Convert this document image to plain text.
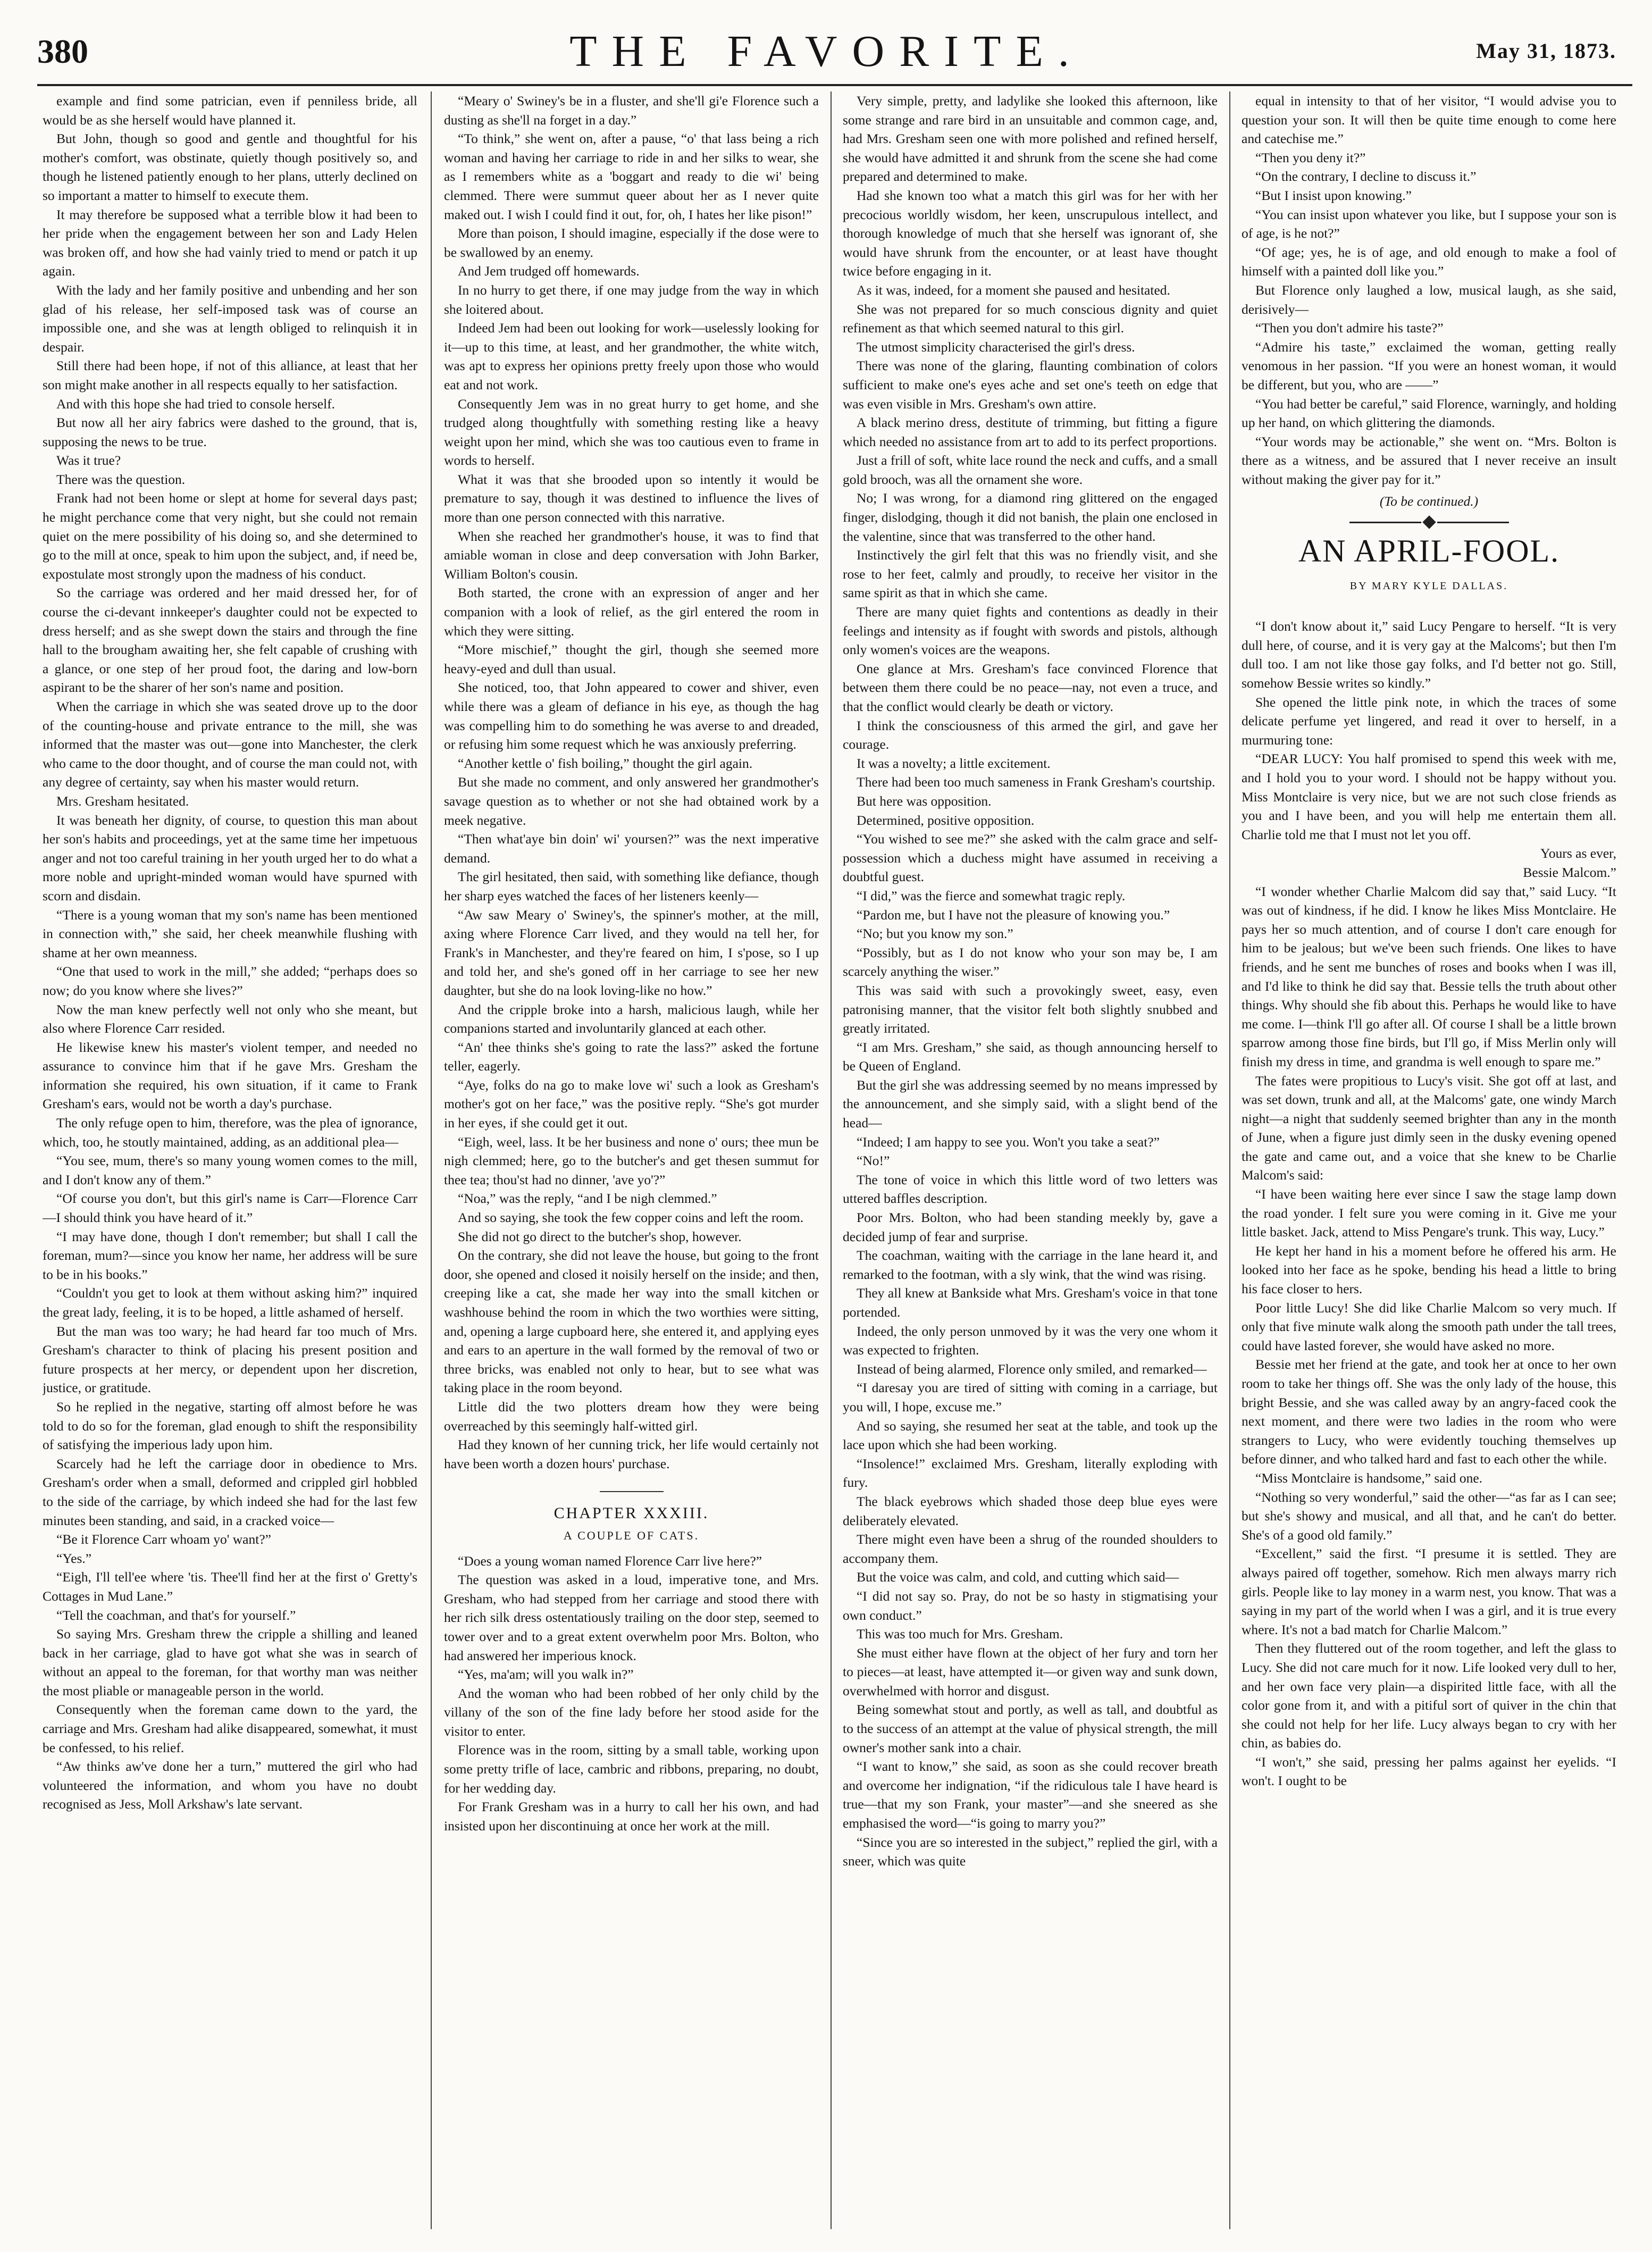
380	THE FAVORITE.	May 31, 1873.

example and find some patrician, even if penniless bride, all would be as she herself would have planned it.

But John, though so good and gentle and thoughtful for his mother's comfort, was obstinate, quietly though positively so, and though he listened patiently enough to her plans, utterly declined on so important a matter to himself to execute them.

It may therefore be supposed what a terrible blow it had been to her pride when the engagement between her son and Lady Helen was broken off, and how she had vainly tried to mend or patch it up again.

With the lady and her family positive and unbending and her son glad of his release, her self-imposed task was of course an impossible one, and she was at length obliged to relinquish it in despair.

Still there had been hope, if not of this alliance, at least that her son might make another in all respects equally to her satisfaction.

And with this hope she had tried to console herself.

But now all her airy fabrics were dashed to the ground, that is, supposing the news to be true.

Was it true?

There was the question.

Frank had not been home or slept at home for several days past; he might perchance come that very night, but she could not remain quiet on the mere possibility of his doing so, and she determined to go to the mill at once, speak to him upon the subject, and, if need be, expostulate most strongly upon the madness of his conduct.

So the carriage was ordered and her maid dressed her, for of course the ci-devant innkeeper's daughter could not be expected to dress herself; and as she swept down the stairs and through the fine hall to the brougham awaiting her, she felt capable of crushing with a glance, or one step of her proud foot, the daring and low-born aspirant to be the sharer of her son's name and position.

When the carriage in which she was seated drove up to the door of the counting-house and private entrance to the mill, she was informed that the master was out—gone into Manchester, the clerk who came to the door thought, and of course the man could not, with any degree of certainty, say when his master would return.

Mrs. Gresham hesitated.

It was beneath her dignity, of course, to question this man about her son's habits and proceedings, yet at the same time her impetuous anger and not too careful training in her youth urged her to do what a more noble and upright-minded woman would have spurned with scorn and disdain.

“There is a young woman that my son's name has been mentioned in connection with,” she said, her cheek meanwhile flushing with shame at her own meanness.

“One that used to work in the mill,” she added; “perhaps does so now; do you know where she lives?”

Now the man knew perfectly well not only who she meant, but also where Florence Carr resided.

He likewise knew his master's violent temper, and needed no assurance to convince him that if he gave Mrs. Gresham the information she required, his own situation, if it came to Frank Gresham's ears, would not be worth a day's purchase.

The only refuge open to him, therefore, was the plea of ignorance, which, too, he stoutly maintained, adding, as an additional plea—

“You see, mum, there's so many young women comes to the mill, and I don't know any of them.”

“Of course you don't, but this girl's name is Carr—Florence Carr—I should think you have heard of it.”

“I may have done, though I don't remember; but shall I call the foreman, mum?—since you know her name, her address will be sure to be in his books.”

“Couldn't you get to look at them without asking him?” inquired the great lady, feeling, it is to be hoped, a little ashamed of herself.

But the man was too wary; he had heard far too much of Mrs. Gresham's character to think of placing his present position and future prospects at her mercy, or dependent upon her discretion, justice, or gratitude.

So he replied in the negative, starting off almost before he was told to do so for the foreman, glad enough to shift the responsibility of satisfying the imperious lady upon him.

Scarcely had he left the carriage door in obedience to Mrs. Gresham's order when a small, deformed and crippled girl hobbled to the side of the carriage, by which indeed she had for the last few minutes been standing, and said, in a cracked voice—

“Be it Florence Carr whoam yo' want?”

“Yes.”

“Eigh, I'll tell'ee where 'tis. Thee'll find her at the first o' Gretty's Cottages in Mud Lane.”

“Tell the coachman, and that's for yourself.”

So saying Mrs. Gresham threw the cripple a shilling and leaned back in her carriage, glad to have got what she was in search of without an appeal to the foreman, for that worthy man was neither the most pliable or manageable person in the world.

Consequently when the foreman came down to the yard, the carriage and Mrs. Gresham had alike disappeared, somewhat, it must be confessed, to his relief.

“Aw thinks aw've done her a turn,” muttered the girl who had volunteered the information, and whom you have no doubt recognised as Jess, Moll Arkshaw's late servant.

“Meary o' Swiney's be in a fluster, and she'll gi'e Florence such a dusting as she'll na forget in a day.”

“To think,” she went on, after a pause, “o' that lass being a rich woman and having her carriage to ride in and her silks to wear, she as I remembers white as a 'boggart and ready to die wi' being clemmed. There were summut queer about her as I never quite maked out. I wish I could find it out, for, oh, I hates her like pison!”

More than poison, I should imagine, especially if the dose were to be swallowed by an enemy.

And Jem trudged off homewards.

In no hurry to get there, if one may judge from the way in which she loitered about.

Indeed Jem had been out looking for work—uselessly looking for it—up to this time, at least, and her grandmother, the white witch, was apt to express her opinions pretty freely upon those who would eat and not work.

Consequently Jem was in no great hurry to get home, and she trudged along thoughtfully with something resting like a heavy weight upon her mind, which she was too cautious even to frame in words to herself.

What it was that she brooded upon so intently it would be premature to say, though it was destined to influence the lives of more than one person connected with this narrative.

When she reached her grandmother's house, it was to find that amiable woman in close and deep conversation with John Barker, William Bolton's cousin.

Both started, the crone with an expression of anger and her companion with a look of relief, as the girl entered the room in which they were sitting.

“More mischief,” thought the girl, though she seemed more heavy-eyed and dull than usual.

She noticed, too, that John appeared to cower and shiver, even while there was a gleam of defiance in his eye, as though the hag was compelling him to do something he was averse to and dreaded, or refusing him some request which he was anxiously preferring.

“Another kettle o' fish boiling,” thought the girl again.

But she made no comment, and only answered her grandmother's savage question as to whether or not she had obtained work by a meek negative.

“Then what'aye bin doin' wi' yoursen?” was the next imperative demand.

The girl hesitated, then said, with something like defiance, though her sharp eyes watched the faces of her listeners keenly—

“Aw saw Meary o' Swiney's, the spinner's mother, at the mill, axing where Florence Carr lived, and they would na tell her, for Frank's in Manchester, and they're feared on him, I s'pose, so I up and told her, and she's goned off in her carriage to see her new daughter, but she do na look loving-like no how.”

And the cripple broke into a harsh, malicious laugh, while her companions started and involuntarily glanced at each other.

“An' thee thinks she's going to rate the lass?” asked the fortune teller, eagerly.

“Aye, folks do na go to make love wi' such a look as Gresham's mother's got on her face,” was the positive reply. “She's got murder in her eyes, if she could get it out.

“Eigh, weel, lass. It be her business and none o' ours; thee mun be nigh clemmed; here, go to the butcher's and get thesen summut for thee tea; thou'st had no dinner, 'ave yo'?”

“Noa,” was the reply, “and I be nigh clemmed.”

And so saying, she took the few copper coins and left the room.

She did not go direct to the butcher's shop, however.

On the contrary, she did not leave the house, but going to the front door, she opened and closed it noisily herself on the inside; and then, creeping like a cat, she made her way into the small kitchen or washhouse behind the room in which the two worthies were sitting, and, opening a large cupboard here, she entered it, and applying eyes and ears to an aperture in the wall formed by the removal of two or three bricks, was enabled not only to hear, but to see what was taking place in the room beyond.

Little did the two plotters dream how they were being overreached by this seemingly half-witted girl.

Had they known of her cunning trick, her life would certainly not have been worth a dozen hours' purchase.

CHAPTER XXXIII.
A COUPLE OF CATS.

“Does a young woman named Florence Carr live here?”

The question was asked in a loud, imperative tone, and Mrs. Gresham, who had stepped from her carriage and stood there with her rich silk dress ostentatiously trailing on the door step, seemed to tower over and to a great extent overwhelm poor Mrs. Bolton, who had answered her imperious knock.

“Yes, ma'am; will you walk in?”

And the woman who had been robbed of her only child by the villany of the son of the fine lady before her stood aside for the visitor to enter.

Florence was in the room, sitting by a small table, working upon some pretty trifle of lace, cambric and ribbons, preparing, no doubt, for her wedding day.

For Frank Gresham was in a hurry to call her his own, and had insisted upon her discontinuing at once her work at the mill.

Very simple, pretty, and ladylike she looked this afternoon, like some strange and rare bird in an unsuitable and common cage, and, had Mrs. Gresham seen one with more polished and refined herself, she would have admitted it and shrunk from the scene she had come prepared and determined to make.

Had she known too what a match this girl was for her with her precocious worldly wisdom, her keen, unscrupulous intellect, and thorough knowledge of much that she herself was ignorant of, she would have shrunk from the encounter, or at least have thought twice before engaging in it.

As it was, indeed, for a moment she paused and hesitated.

She was not prepared for so much conscious dignity and quiet refinement as that which seemed natural to this girl.

The utmost simplicity characterised the girl's dress.

There was none of the glaring, flaunting combination of colors sufficient to make one's eyes ache and set one's teeth on edge that was even visible in Mrs. Gresham's own attire.

A black merino dress, destitute of trimming, but fitting a figure which needed no assistance from art to add to its perfect proportions.

Just a frill of soft, white lace round the neck and cuffs, and a small gold brooch, was all the ornament she wore.

No; I was wrong, for a diamond ring glittered on the engaged finger, dislodging, though it did not banish, the plain one enclosed in the valentine, since that was transferred to the other hand.

Instinctively the girl felt that this was no friendly visit, and she rose to her feet, calmly and proudly, to receive her visitor in the same spirit as that in which she came.

There are many quiet fights and contentions as deadly in their feelings and intensity as if fought with swords and pistols, although only women's voices are the weapons.

One glance at Mrs. Gresham's face convinced Florence that between them there could be no peace—nay, not even a truce, and that the conflict would clearly be death or victory.

I think the consciousness of this armed the girl, and gave her courage.

It was a novelty; a little excitement.

There had been too much sameness in Frank Gresham's courtship.

But here was opposition.

Determined, positive opposition.

“You wished to see me?” she asked with the calm grace and self-possession which a duchess might have assumed in receiving a doubtful guest.

“I did,” was the fierce and somewhat tragic reply.

“Pardon me, but I have not the pleasure of knowing you.”

“No; but you know my son.”

“Possibly, but as I do not know who your son may be, I am scarcely anything the wiser.”

This was said with such a provokingly sweet, easy, even patronising manner, that the visitor felt both slightly snubbed and greatly irritated.

“I am Mrs. Gresham,” she said, as though announcing herself to be Queen of England.

But the girl she was addressing seemed by no means impressed by the announcement, and she simply said, with a slight bend of the head—

“Indeed; I am happy to see you. Won't you take a seat?”

“No!”

The tone of voice in which this little word of two letters was uttered baffles description.

Poor Mrs. Bolton, who had been standing meekly by, gave a decided jump of fear and surprise.

The coachman, waiting with the carriage in the lane heard it, and remarked to the footman, with a sly wink, that the wind was rising.

They all knew at Bankside what Mrs. Gresham's voice in that tone portended.

Indeed, the only person unmoved by it was the very one whom it was expected to frighten.

Instead of being alarmed, Florence only smiled, and remarked—

“I daresay you are tired of sitting with coming in a carriage, but you will, I hope, excuse me.”

And so saying, she resumed her seat at the table, and took up the lace upon which she had been working.

“Insolence!” exclaimed Mrs. Gresham, literally exploding with fury.

The black eyebrows which shaded those deep blue eyes were deliberately elevated.

There might even have been a shrug of the rounded shoulders to accompany them.

But the voice was calm, and cold, and cutting which said—

“I did not say so. Pray, do not be so hasty in stigmatising your own conduct.”

This was too much for Mrs. Gresham.

She must either have flown at the object of her fury and torn her to pieces—at least, have attempted it—or given way and sunk down, overwhelmed with horror and disgust.

Being somewhat stout and portly, as well as tall, and doubtful as to the success of an attempt at the value of physical strength, the mill owner's mother sank into a chair.

“I want to know,” she said, as soon as she could recover breath and overcome her indignation, “if the ridiculous tale I have heard is true—that my son Frank, your master”—and she sneered as she emphasised the word—“is going to marry you?”

“Since you are so interested in the subject,” replied the girl, with a sneer, which was quite

equal in intensity to that of her visitor, “I would advise you to question your son. It will then be quite time enough to come here and catechise me.”

“Then you deny it?”

“On the contrary, I decline to discuss it.”

“But I insist upon knowing.”

“You can insist upon whatever you like, but I suppose your son is of age, is he not?”

“Of age; yes, he is of age, and old enough to make a fool of himself with a painted doll like you.”

But Florence only laughed a low, musical laugh, as she said, derisively—

“Then you don't admire his taste?”

“Admire his taste,” exclaimed the woman, getting really venomous in her passion. “If you were an honest woman, it would be different, but you, who are ——”

“You had better be careful,” said Florence, warningly, and holding up her hand, on which glittering the diamonds.

“Your words may be actionable,” she went on. “Mrs. Bolton is there as a witness, and be assured that I never receive an insult without making the giver pay for it.”

(To be continued.)
AN APRIL-FOOL.
BY MARY KYLE DALLAS.

“I don't know about it,” said Lucy Pengare to herself. “It is very dull here, of course, and it is very gay at the Malcoms'; but then I'm dull too. I am not like those gay folks, and I'd better not go. Still, somehow Bessie writes so kindly.”

She opened the little pink note, in which the traces of some delicate perfume yet lingered, and read it over to herself, in a murmuring tone:

“DEAR LUCY: You half promised to spend this week with me, and I hold you to your word. I should not be happy without you. Miss Montclaire is very nice, but we are not such close friends as you and I have been, and you will help me entertain them all. Charlie told me that I must not let you off.

Yours as ever,
Bessie Malcom.”

“I wonder whether Charlie Malcom did say that,” said Lucy. “It was out of kindness, if he did. I know he likes Miss Montclaire. He pays her so much attention, and of course I don't care enough for him to be jealous; but we've been such friends. One likes to have friends, and he sent me bunches of roses and books when I was ill, and I'd like to think he did say that. Bessie tells the truth about other things. Why should she fib about this. Perhaps he would like to have me come. I—think I'll go after all. Of course I shall be a little brown sparrow among those fine birds, but I'll go, if Miss Merlin only will finish my dress in time, and grandma is well enough to spare me.”

The fates were propitious to Lucy's visit. She got off at last, and was set down, trunk and all, at the Malcoms' gate, one windy March night—a night that suddenly seemed brighter than any in the month of June, when a figure just dimly seen in the dusky evening opened the gate and came out, and a voice that she knew to be Charlie Malcom's said:

“I have been waiting here ever since I saw the stage lamp down the road yonder. I felt sure you were coming in it. Give me your little basket. Jack, attend to Miss Pengare's trunk. This way, Lucy.”

He kept her hand in his a moment before he offered his arm. He looked into her face as he spoke, bending his head a little to bring his face closer to hers.

Poor little Lucy! She did like Charlie Malcom so very much. If only that five minute walk along the smooth path under the tall trees, could have lasted forever, she would have asked no more.

Bessie met her friend at the gate, and took her at once to her own room to take her things off. She was the only lady of the house, this bright Bessie, and she was called away by an angry-faced cook the next moment, and there were two ladies in the room who were strangers to Lucy, who were evidently touching themselves up before dinner, and who talked hard and fast to each other the while.

“Miss Montclaire is handsome,” said one.

“Nothing so very wonderful,” said the other—“as far as I can see; but she's showy and musical, and all that, and he can't do better. She's of a good old family.”

“Excellent,” said the first. “I presume it is settled. They are always paired off together, somehow. Rich men always marry rich girls. People like to lay money in a warm nest, you know. That was a saying in my part of the world when I was a girl, and it is true every where. It's not a bad match for Charlie Malcom.”

Then they fluttered out of the room together, and left the glass to Lucy. She did not care much for it now. Life looked very dull to her, and her own face very plain—a dispirited little face, with all the color gone from it, and with a pitiful sort of quiver in the chin that she could not help for her life. Lucy always began to cry with her chin, as babies do.

“I won't,” she said, pressing her palms against her eyelids. “I won't. I ought to be
